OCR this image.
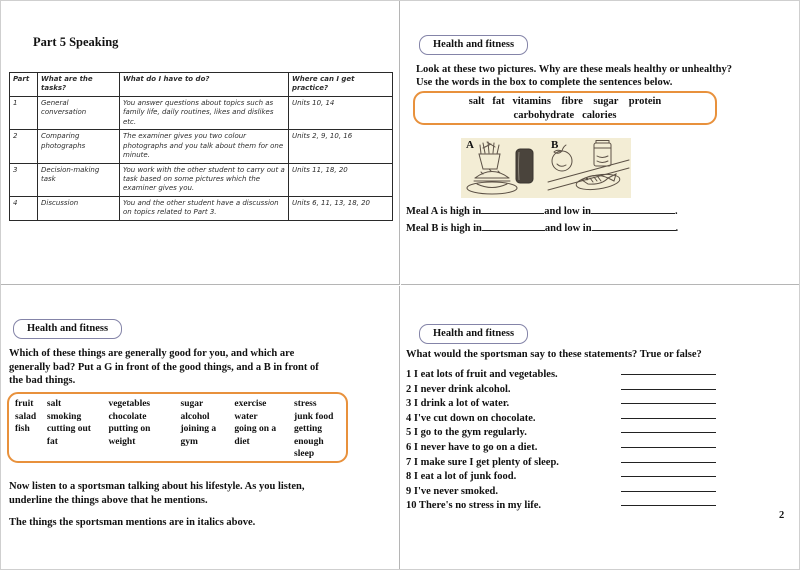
Part 5 Speaking
Part	What are the tasks?	What do I have to do?	Where can I get practice?
1	General conversation	You answer questions about topics such as family life, daily routines, likes and dislikes etc.	Units 10, 14
2	Comparing photographs	The examiner gives you two colour photographs and you talk about them for one minute.	Units 2, 9, 10, 16
3	Decision-making task	You work with the other student to carry out a task based on some pictures which the examiner gives you.	Units 11, 18, 20
4	Discussion	You and the other student have a discussion on topics related to Part 3.	Units 6, 11, 13, 18, 20
Health and fitness
Look at these two pictures. Why are these meals healthy or unhealthy?
Use the words in the box to complete the sentences below.
salt   fat   vitamins    fibre    sugar    protein
carbohydrate   calories
A	B
Meal A is high in	and low in	.
Meal B is high in	and low in	.
Health and fitness
Which of these things are generally good for you, and which are
generally bad? Put a G in front of the good things, and a B in front of
the bad things.
fruit
salad
fish
salt
smoking
cutting out fat
vegetables
chocolate
putting on weight
sugar
alcohol
joining a gym
exercise
water
going on a diet
stress
junk food
getting enough sleep
Now listen to a sportsman talking about his lifestyle. As you listen,
underline the things above that he mentions.
The things the sportsman mentions are in italics above.
Health and fitness
What would the sportsman say to these statements? True or false?
1 I eat lots of fruit and vegetables.
2 I never drink alcohol.
3 I drink a lot of water.
4 I've cut down on chocolate.
5 I go to the gym regularly.
6 I never have to go on a diet.
7 I make sure I get plenty of sleep.
8 I eat a lot of junk food.
9 I've never smoked.
10 There's no stress in my life.
2
